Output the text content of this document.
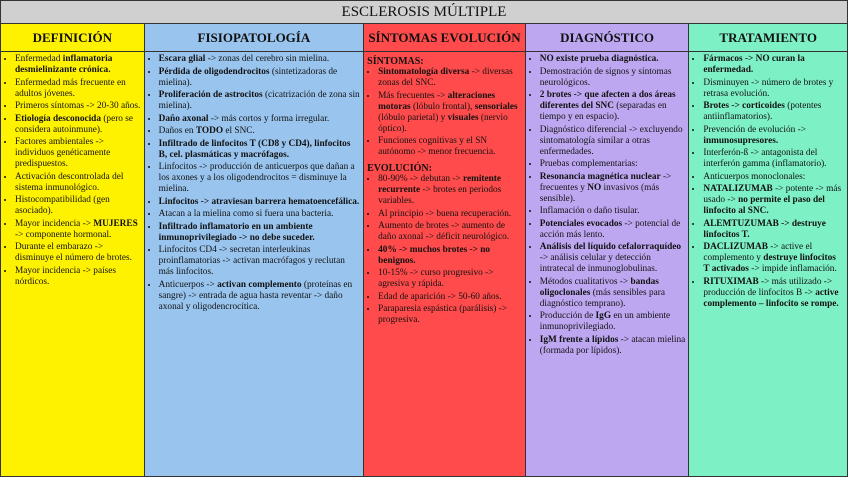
ESCLEROSIS MÚLTIPLE
DEFINICIÓN
• Enfermedad inflamatoria desmielinizante crónica.
• Enfermedad más frecuente en adultos jóvenes.
• Primeros síntomas -> 20-30 años.
• Etiología desconocida (pero se considera autoinmune).
• Factores ambientales -> individuos genéticamente predispuestos.
• Activación descontrolada del sistema inmunológico.
• Histocompatibilidad (gen asociado).
• Mayor incidencia -> MUJERES -> componente hormonal.
• Durante el embarazo -> disminuye el número de brotes.
• Mayor incidencia -> países nórdicos.
FISIOPATOLOGÍA
• Escara glial -> zonas del cerebro sin mielina.
• Pérdida de oligodendrocitos (sintetizadoras de mielina).
• Proliferación de astrocitos (cicatrización de zona sin mielina).
• Daño axonal -> más cortos y forma irregular.
• Daños en TODO el SNC.
• Infiltrado de linfocitos T (CD8 y CD4), linfocitos B, cel. plasmáticas y macrófagos.
• Linfocitos -> producción de anticuerpos que dañan a los axones y a los oligodendrocitos = disminuye la mielina.
• Linfocitos -> atraviesan barrera hematoencefálica.
• Atacan a la mielina como si fuera una bacteria.
• Infiltrado inflamatorio en un ambiente inmunoprivilegiado -> no debe suceder.
• Linfocitos CD4 -> secretan interleukinas proinflamatorias -> activan macrófagos y reclutan más linfocitos.
• Anticuerpos -> activan complemento (proteínas en sangre) -> entrada de agua hasta reventar -> daño axonal y oligodencrocítica.
SÍNTOMAS EVOLUCIÓN
SÍNTOMAS:
• Sintomatología diversa -> diversas zonas del SNC.
• Más frecuentes -> alteraciones motoras (lóbulo frontal), sensoriales (lóbulo parietal) y visuales (nervio óptico).
• Funciones cognitivas y el SN autónomo -> menor frecuencia.
EVOLUCIÓN:
• 80-90% -> debutan -> remitente recurrente -> brotes en periodos variables.
• Al principio -> buena recuperación.
• Aumento de brotes -> aumento de daño axonal -> déficit neurológico.
• 40% -> muchos brotes -> no benignos.
• 10-15% -> curso progresivo -> agresiva y rápida.
• Edad de aparición -> 50-60 años.
• Paraparesia espástica (parálisis) -> progresiva.
DIAGNÓSTICO
• NO existe prueba diagnóstica.
• Demostración de signos y síntomas neurológicos.
• 2 brotes -> que afecten a dos áreas diferentes del SNC (separadas en tiempo y en espacio).
• Diagnóstico diferencial -> excluyendo sintomatología similar a otras enfermedades.
• Pruebas complementarias:
• Resonancia magnética nuclear -> frecuentes y NO invasivos (más sensible).
• Inflamación o daño tisular.
• Potenciales evocados -> potencial de acción más lento.
• Análisis del líquido cefalorraquídeo -> análisis celular y detección intratecal de inmunoglobulinas.
• Métodos cualitativos -> bandas oligoclonales (más sensibles para diagnóstico temprano).
• Producción de IgG en un ambiente inmunoprivilegiado.
• IgM frente a lípidos -> atacan mielina (formada por lípidos).
TRATAMIENTO
• Fármacos -> NO curan la enfermedad.
• Disminuyen -> número de brotes y retrasa evolución.
• Brotes -> corticoides (potentes antiinflamatorios).
• Prevención de evolución -> inmunosupresores.
• Interferón-ß -> antagonista del interferón gamma (inflamatorio).
• Anticuerpos monoclonales:
• NATALIZUMAB -> potente -> más usado -> no permite el paso del linfocito al SNC.
• ALEMTUZUMAB -> destruye linfocitos T.
• DACLIZUMAB -> active el complemento y destruye linfocitos T activados -> impide inflamación.
• RITUXIMAB -> más utilizado -> producción de linfocitos B -> active complemento – linfocito se rompe.
